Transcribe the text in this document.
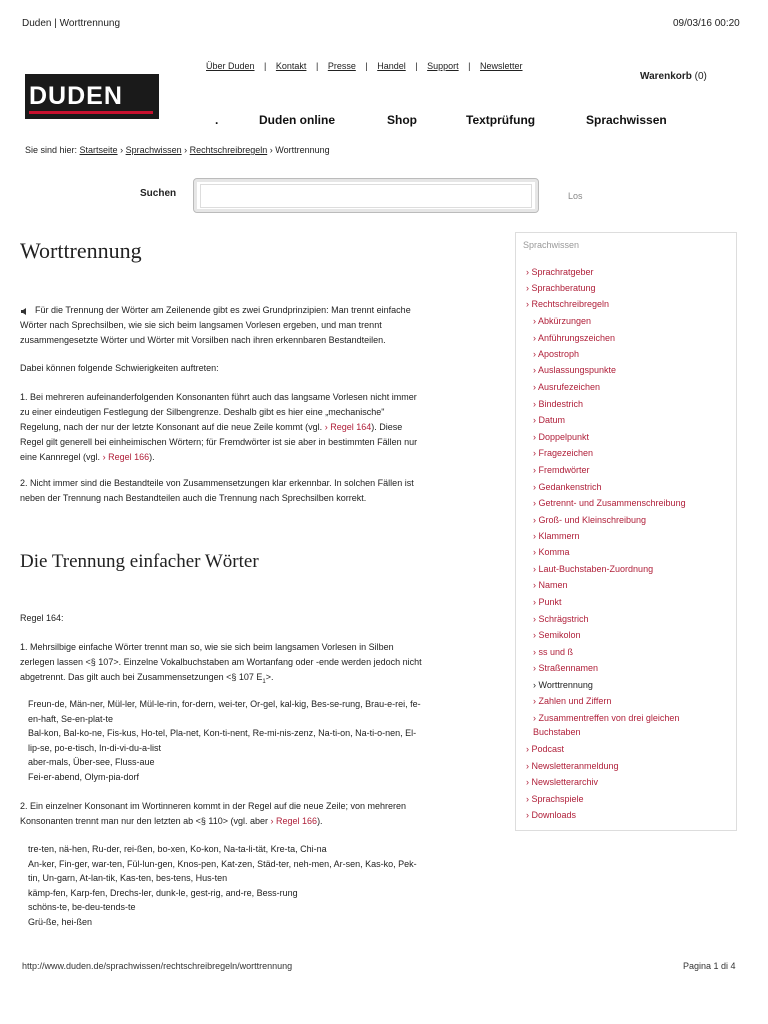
Duden | Worttrennung	09/03/16 00:20
Über Duden | Kontakt | Presse | Handel | Support | Newsletter
Warenkorb (0)
DUDEN
.	Duden online	Shop	Textprüfung	Sprachwissen
Sie sind hier: Startseite › Sprachwissen › Rechtschreibregeln › Worttrennung
Suchen	Los
Worttrennung
Für die Trennung der Wörter am Zeilenende gibt es zwei Grundprinzipien: Man trennt einfache
Wörter nach Sprechsilben, wie sie sich beim langsamen Vorlesen ergeben, und man trennt
zusammengesetzte Wörter und Wörter mit Vorsilben nach ihren erkennbaren Bestandteilen.
Dabei können folgende Schwierigkeiten auftreten:
1. Bei mehreren aufeinanderfolgenden Konsonanten führt auch das langsame Vorlesen nicht immer
zu einer eindeutigen Festlegung der Silbengrenze. Deshalb gibt es hier eine „mechanische"
Regelung, nach der nur der letzte Konsonant auf die neue Zeile kommt (vgl. › Regel 164). Diese
Regel gilt generell bei einheimischen Wörtern; für Fremdwörter ist sie aber in bestimmten Fällen nur
eine Kannregel (vgl. › Regel 166).
2. Nicht immer sind die Bestandteile von Zusammensetzungen klar erkennbar. In solchen Fällen ist
neben der Trennung nach Bestandteilen auch die Trennung nach Sprechsilben korrekt.
Die Trennung einfacher Wörter
Regel 164:
1. Mehrsilbige einfache Wörter trennt man so, wie sie sich beim langsamen Vorlesen in Silben
zerlegen lassen <§ 107>. Einzelne Vokalbuchstaben am Wortanfang oder -ende werden jedoch nicht
abgetrennt. Das gilt auch bei Zusammensetzungen <§ 107 $E_1>$.
Freun-de, Män-ner, Mül-ler, Mül-le-rin, for-dern, wei-ter, Or-gel, kal-kig, Bes-se-rung, Brau-e-rei, fe-
en-haft, Se-en-plat-te
Bal-kon, Bal-ko-ne, Fis-kus, Ho-tel, Pla-net, Kon-ti-nent, Re-mi-nis-zenz, Na-ti-on, Na-ti-o-nen, El-
lip-se, po-e-tisch, In-di-vi-du-a-list
aber-mals, Über-see, Fluss-aue
Fei-er-abend, Olym-pia-dorf
2. Ein einzelner Konsonant im Wortinneren kommt in der Regel auf die neue Zeile; von mehreren
Konsonanten trennt man nur den letzten ab <§ 110> (vgl. aber › Regel 166).
tre-ten, nä-hen, Ru-der, rei-ßen, bo-xen, Ko-kon, Na-ta-li-tät, Kre-ta, Chi-na
An-ker, Fin-ger, war-ten, Fül-lun-gen, Knos-pen, Kat-zen, Städ-ter, neh-men, Ar-sen, Kas-ko, Pek-
tin, Un-garn, At-lan-tik, Kas-ten, bes-tens, Hus-ten
kämp-fen, Karp-fen, Drechs-ler, dunk-le, gest-rig, and-re, Bess-rung
schöns-te, be-deu-tends-te
Grü-ße, hei-ßen
Sprachwissen
› Sprachratgeber
› Sprachberatung
› Rechtschreibregeln
› Abkürzungen
› Anführungszeichen
› Apostroph
› Auslassungspunkte
› Ausrufezeichen
› Bindestrich
› Datum
› Doppelpunkt
› Fragezeichen
› Fremdwörter
› Gedankenstrich
› Getrennt- und Zusammenschreibung
› Groß- und Kleinschreibung
› Klammern
› Komma
› Laut-Buchstaben-Zuordnung
› Namen
› Punkt
› Schrägstrich
› Semikolon
› ss und ß
› Straßennamen
› Worttrennung
› Zahlen und Ziffern
› Zusammentreffen von drei gleichen
Buchstaben
› Podcast
› Newsletteranmeldung
› Newsletterarchiv
› Sprachspiele
› Downloads
http://www.duden.de/sprachwissen/rechtschreibregeln/worttrennung	Pagina 1 di 4
